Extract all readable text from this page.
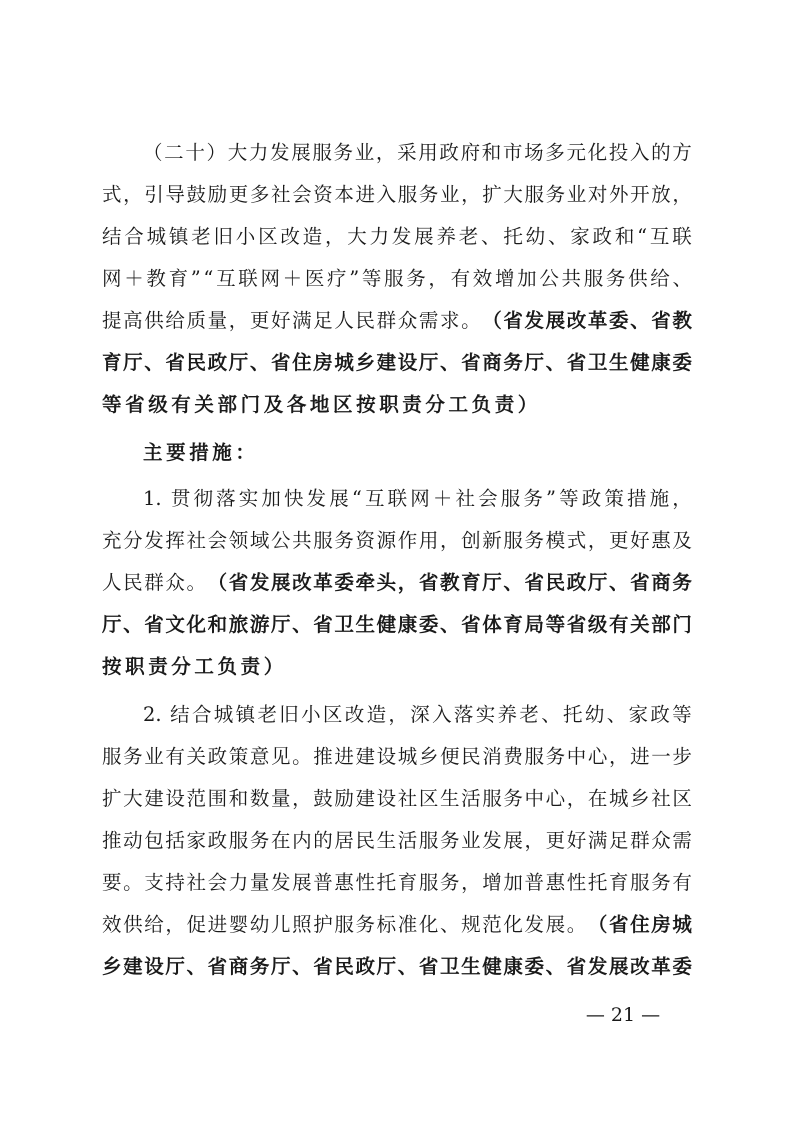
（ 二 十 ） 大 力 发 展 服 务 业 ， 采 用 政 府 和 市 场 多 元 化 投 入 的 方
式 ， 引 导 鼓 励 更 多 社 会 资 本 进 入 服 务 业 ， 扩 大 服 务 业 对 外 开 放 ，
结 合 城 镇 老 旧 小 区 改 造 ， 大 力 发 展 养 老 、 托 幼 、 家 政 和 “ 互 联
网 ＋ 教 育 ” “ 互 联 网 ＋ 医 疗 ” 等 服 务 ， 有 效 增 加 公 共 服 务 供 给 、
提 高 供 给 质 量 ， 更 好 满 足 人 民 群 众 需 求 。 （ 省 发 展 改 革 委 、 省 教
育 厅 、 省 民 政 厅 、 省 住 房 城 乡 建 设 厅 、 省 商 务 厅 、 省 卫 生 健 康 委
等省级有关部门及各地区按职责分工负责）
主要措施：
1. 贯 彻 落 实 加 快 发 展 “ 互 联 网 ＋ 社 会 服 务 ” 等 政 策 措 施 ，
充 分 发 挥 社 会 领 域 公 共 服 务 资 源 作 用 ， 创 新 服 务 模 式 ， 更 好 惠 及
人 民 群 众 。 （ 省 发 展 改 革 委 牵 头 ， 省 教 育 厅 、 省 民 政 厅 、 省 商 务
厅 、 省 文 化 和 旅 游 厅 、 省 卫 生 健 康 委 、 省 体 育 局 等 省 级 有 关 部 门
按职责分工负责）
2. 结 合 城 镇 老 旧 小 区 改 造 ， 深 入 落 实 养 老 、 托 幼 、 家 政 等
服 务 业 有 关 政 策 意 见 。 推 进 建 设 城 乡 便 民 消 费 服 务 中 心 ， 进 一 步
扩 大 建 设 范 围 和 数 量 ， 鼓 励 建 设 社 区 生 活 服 务 中 心 ， 在 城 乡 社 区
推 动 包 括 家 政 服 务 在 内 的 居 民 生 活 服 务 业 发 展 ， 更 好 满 足 群 众 需
要 。 支 持 社 会 力 量 发 展 普 惠 性 托 育 服 务 ， 增 加 普 惠 性 托 育 服 务 有
效 供 给 ， 促 进 婴 幼 儿 照 护 服 务 标 准 化 、 规 范 化 发 展 。 （ 省 住 房 城
乡 建 设 厅 、 省 商 务 厅 、 省 民 政 厅 、 省 卫 生 健 康 委 、 省 发 展 改 革 委
— 21 —
